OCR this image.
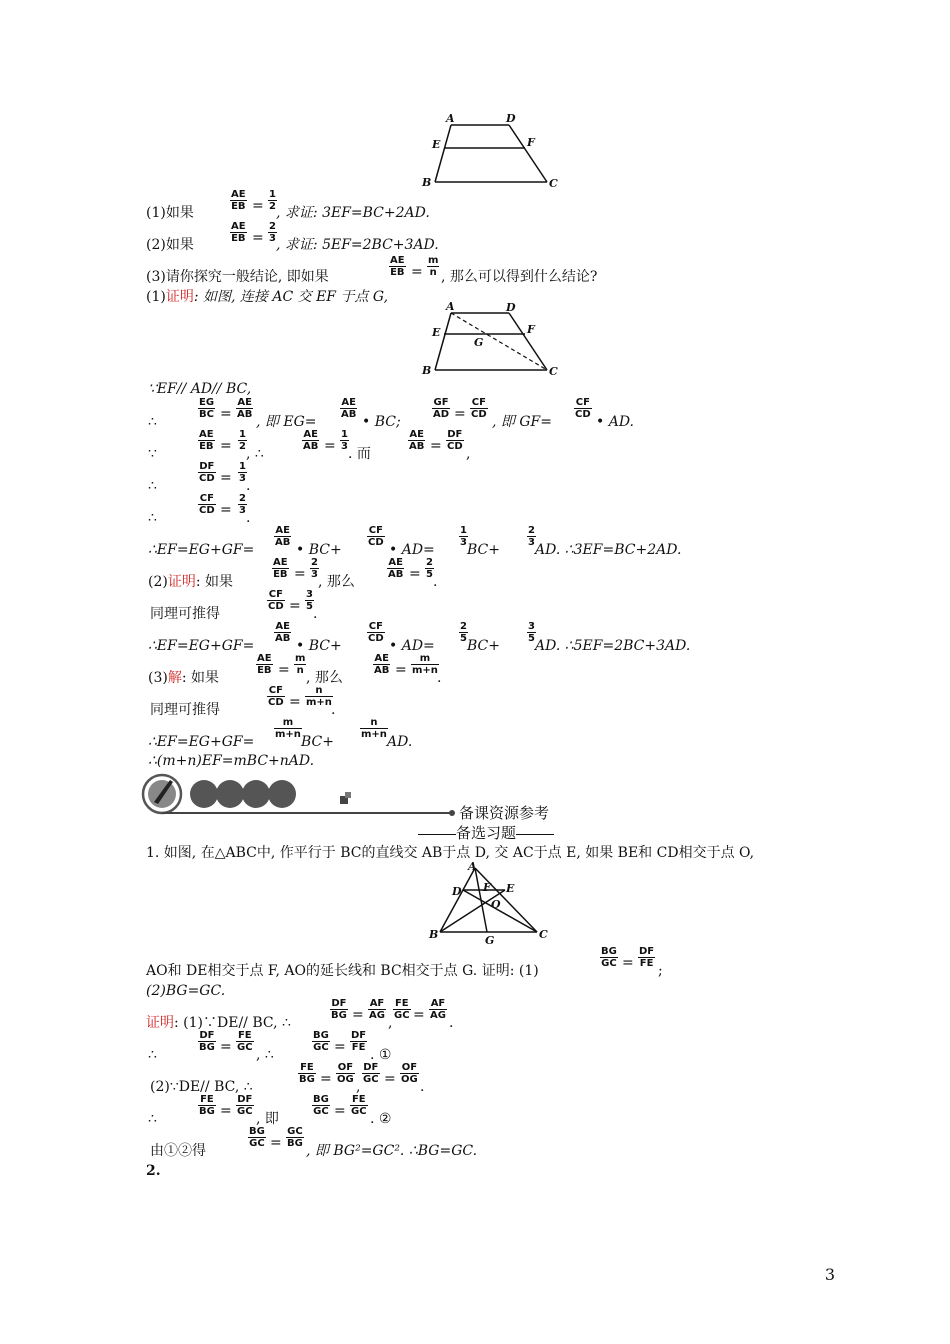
A	D
E	F
B	C
(1)如果
AE
EB =
1
2 , 求证: 3EF=BC+2AD.
(2)如果
AE
EB =
2
3 , 求证: 5EF=2BC+3AD.
(3)请你探究一般结论, 即如果
AE
EB =
m
n , 那么可以得到什么结论?
(1)证明: 如图, 连接 AC 交 EF 于点 G,
A	D
E	F
G
B	C
∵EF// AD// BC,
∴
EG
BC =
AE
AB , 即 EG=
AE
AB • BC;
GF
AD =
CF
CD , 即 GF=
CF
CD • AD.
∵
AE
EB =
1
2 , ∴
AE
AB =
1
3 . 而
AE
AB =
DF
CD ,
∴
DF
CD =
1
3 .
∴
CF
CD =
2
3 .
∴EF=EG+GF=
AE
AB • BC+
CF
CD • AD=
1
3 BC+
2
3 AD. ∴3EF=BC+2AD.
(2)证明: 如果
AE
EB =
2
3 , 那么
AE
AB =
2
5 .
同理可推得
CF
CD =
3
5 .
∴EF=EG+GF=
AE
AB • BC+
CF
CD • AD=
2
5 BC+
3
5 AD. ∴5EF=2BC+3AD.
(3)解: 如果
AE
EB =
m
n , 那么
AE
AB =
m
m+n .
同理可推得
CF
CD =
n
m+n .
∴EF=EG+GF=
m
m+n BC+
n
m+n AD.
∴(m+n)EF=mBC+nAD.
备课资源参考
备选习题
1. 如图, 在△ABC中, 作平行于 BC的直线交 AB于点 D, 交 AC于点 E, 如果 BE和 CD相交于点 O,
A
D F E
O
B	G	C
AO和 DE相交于点 F, AO的延长线和 BC相交于点 G. 证明: (1)
BG
GC =
DF
FE ;
(2)BG=GC.
证明: (1)∵DE// BC, ∴
DF
BG =
AF
AG ,
FE
GC =
AF
AG .
∴
DF
BG =
FE
GC , ∴
BG
GC =
DF
FE . ①
(2)∵DE// BC, ∴
FE
BG =
OF
OG ,
DF
GC =
OF
OG .
∴
FE
BG =
DF
GC , 即
BG
GC =
FE
GC . ②
由①②得
BG
GC =
GC
BG , 即 BG²=GC². ∴BG=GC.
2.
3
